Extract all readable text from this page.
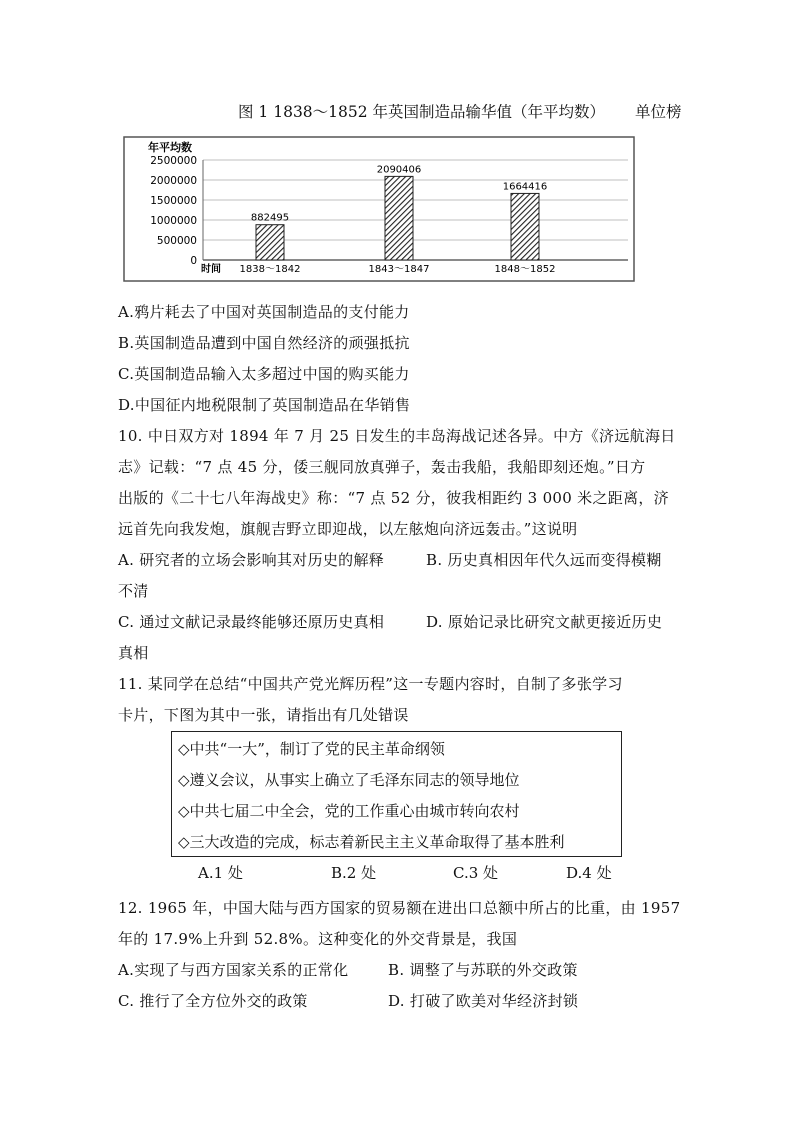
图 1 1838～1852 年英国制造品输华值（年平均数） 单位榜
0
500000
1000000
1500000
2000000
2500000
882495
2090406
1664416
1838～1842	1843～1847	1848～1852
年平均数
时间
A.鸦片耗去了中国对英国制造品的支付能力
B.英国制造品遭到中国自然经济的顽强抵抗
C.英国制造品输入太多超过中国的购买能力
D.中国征内地税限制了英国制造品在华销售
10. 中日双方对 1894 年 7 月 25 日发生的丰岛海战记述各异。中方《济远航海日
志》记载：“7 点 45 分，倭三舰同放真弹子，轰击我船，我船即刻还炮。”日方
出版的《二十七八年海战史》称：“7 点 52 分，彼我相距约 3 000 米之距离，济
远首先向我发炮，旗舰吉野立即迎战，以左舷炮向济远轰击。”这说明
A. 研究者的立场会影响其对历史的解释	B. 历史真相因年代久远而变得模糊
不清
C. 通过文献记录最终能够还原历史真相	D. 原始记录比研究文献更接近历史
真相
11. 某同学在总结“中国共产党光辉历程”这一专题内容时，自制了多张学习
卡片，下图为其中一张，请指出有几处错误
◇中共“一大”，制订了党的民主革命纲领
◇遵义会议，从事实上确立了毛泽东同志的领导地位
◇中共七届二中全会，党的工作重心由城市转向农村
◇三大改造的完成，标志着新民主主义革命取得了基本胜利
A.1 处	B.2 处	C.3 处	D.4 处
12. 1965 年，中国大陆与西方国家的贸易额在进出口总额中所占的比重，由 1957
年的 17.9%上升到 52.8%。这种变化的外交背景是，我国
A.实现了与西方国家关系的正常化	B. 调整了与苏联的外交政策
C. 推行了全方位外交的政策	D. 打破了欧美对华经济封锁
